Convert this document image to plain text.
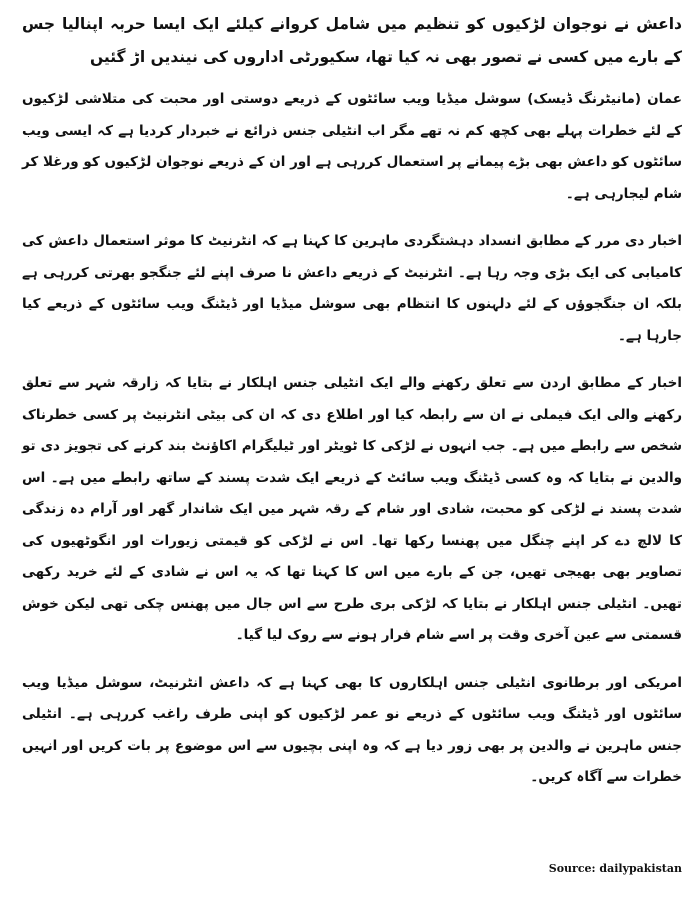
داعش نے نوجوان لڑکیوں کو تنظیم میں شامل کروانے کیلئے ایک ایسا حربہ اپنالیا جس کے بارے میں کسی نے تصور بھی نہ کیا تھا، سکیورٹی اداروں کی نیندیں اڑ گئیں

عمان (مانیٹرنگ ڈیسک) سوشل میڈیا ویب سائٹوں کے ذریعے دوستی اور محبت کی متلاشی لڑکیوں کے لئے خطرات پہلے بھی کچھ کم نہ تھے مگر اب انٹیلی جنس ذرائع نے خبردار کردیا ہے کہ ایسی ویب سائٹوں کو داعش بھی بڑے پیمانے پر استعمال کررہی ہے اور ان کے ذریعے نوجوان لڑکیوں کو ورغلا کر شام لیجارہی ہے۔

اخبار دی مرر کے مطابق انسداد دہشتگردی ماہرین کا کہنا ہے کہ انٹرنیٹ کا موثر استعمال داعش کی کامیابی کی ایک بڑی وجہ رہا ہے۔ انٹرنیٹ کے ذریعے داعش نا صرف اپنے لئے جنگجو بھرتی کررہی ہے بلکہ ان جنگجوؤں کے لئے دلہنوں کا انتظام بھی سوشل میڈیا اور ڈیٹنگ ویب سائٹوں کے ذریعے کیا جارہا ہے۔

اخبار کے مطابق اردن سے تعلق رکھنے والے ایک انٹیلی جنس اہلکار نے بتایا کہ زارقہ شہر سے تعلق رکھنے والی ایک فیملی نے ان سے رابطہ کیا اور اطلاع دی کہ ان کی بیٹی انٹرنیٹ پر کسی خطرناک شخص سے رابطے میں ہے۔ جب انہوں نے لڑکی کا ٹویٹر اور ٹیلیگرام اکاؤنٹ بند کرنے کی تجویز دی تو والدین نے بتایا کہ وہ کسی ڈیٹنگ ویب سائٹ کے ذریعے ایک شدت پسند کے ساتھ رابطے میں ہے۔ اس شدت پسند نے لڑکی کو محبت، شادی اور شام کے رقہ شہر میں ایک شاندار گھر اور آرام دہ زندگی کا لالچ دے کر اپنے چنگل میں پھنسا رکھا تھا۔ اس نے لڑکی کو قیمتی زیورات اور انگوٹھیوں کی تصاویر بھی بھیجی تھیں، جن کے بارے میں اس کا کہنا تھا کہ یہ اس نے شادی کے لئے خرید رکھی تھیں۔ انٹیلی جنس اہلکار نے بتایا کہ لڑکی بری طرح سے اس جال میں پھنس چکی تھی لیکن خوش قسمتی سے عین آخری وقت پر اسے شام فرار ہونے سے روک لیا گیا۔

امریکی اور برطانوی انٹیلی جنس اہلکاروں کا بھی کہنا ہے کہ داعش انٹرنیٹ، سوشل میڈیا ویب سائٹوں اور ڈیٹنگ ویب سائٹوں کے ذریعے نو عمر لڑکیوں کو اپنی طرف راغب کررہی ہے۔ انٹیلی جنس ماہرین نے والدین پر بھی زور دیا ہے کہ وہ اپنی بچیوں سے اس موضوع پر بات کریں اور انہیں خطرات سے آگاہ کریں۔

Source: dailypakistan
